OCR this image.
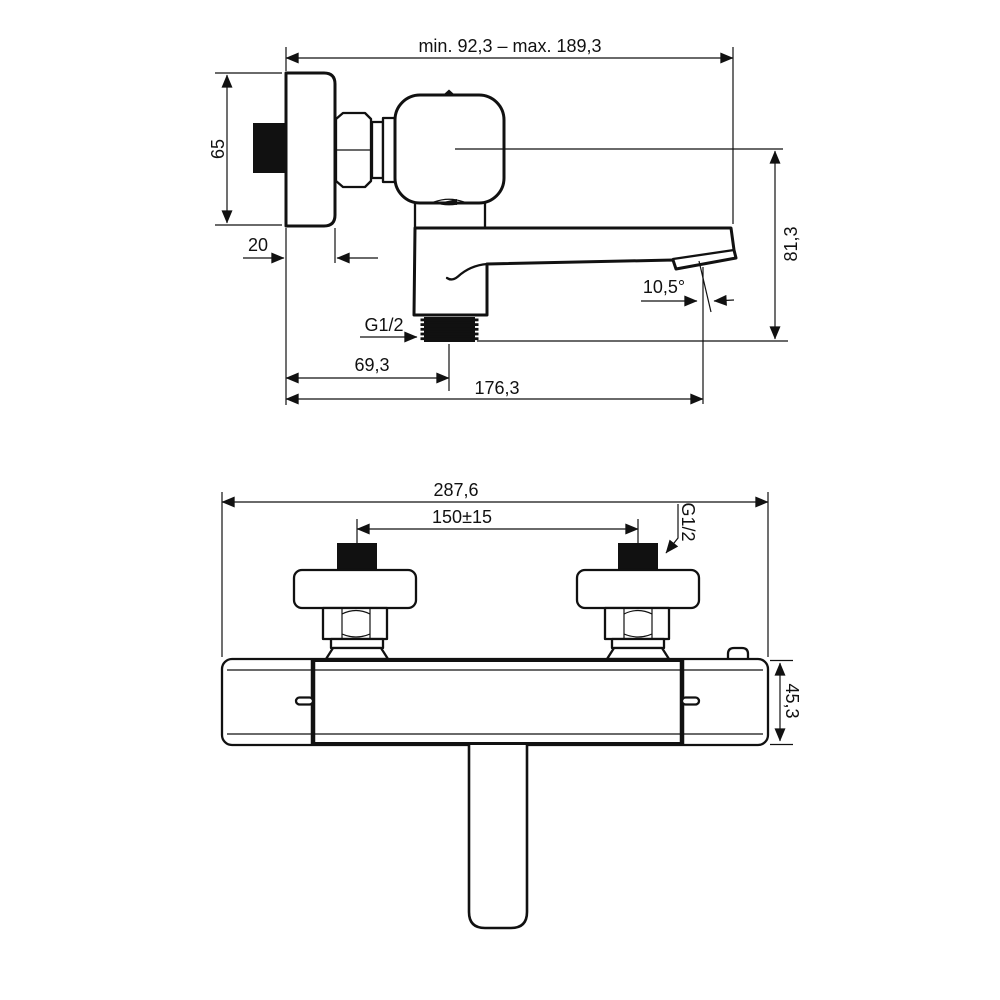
min. 92,3 – max. 189,3
65
G1/2
20
69,3
176,3
10,5°
81,3
287,6
150±15	G1/2
45,3
